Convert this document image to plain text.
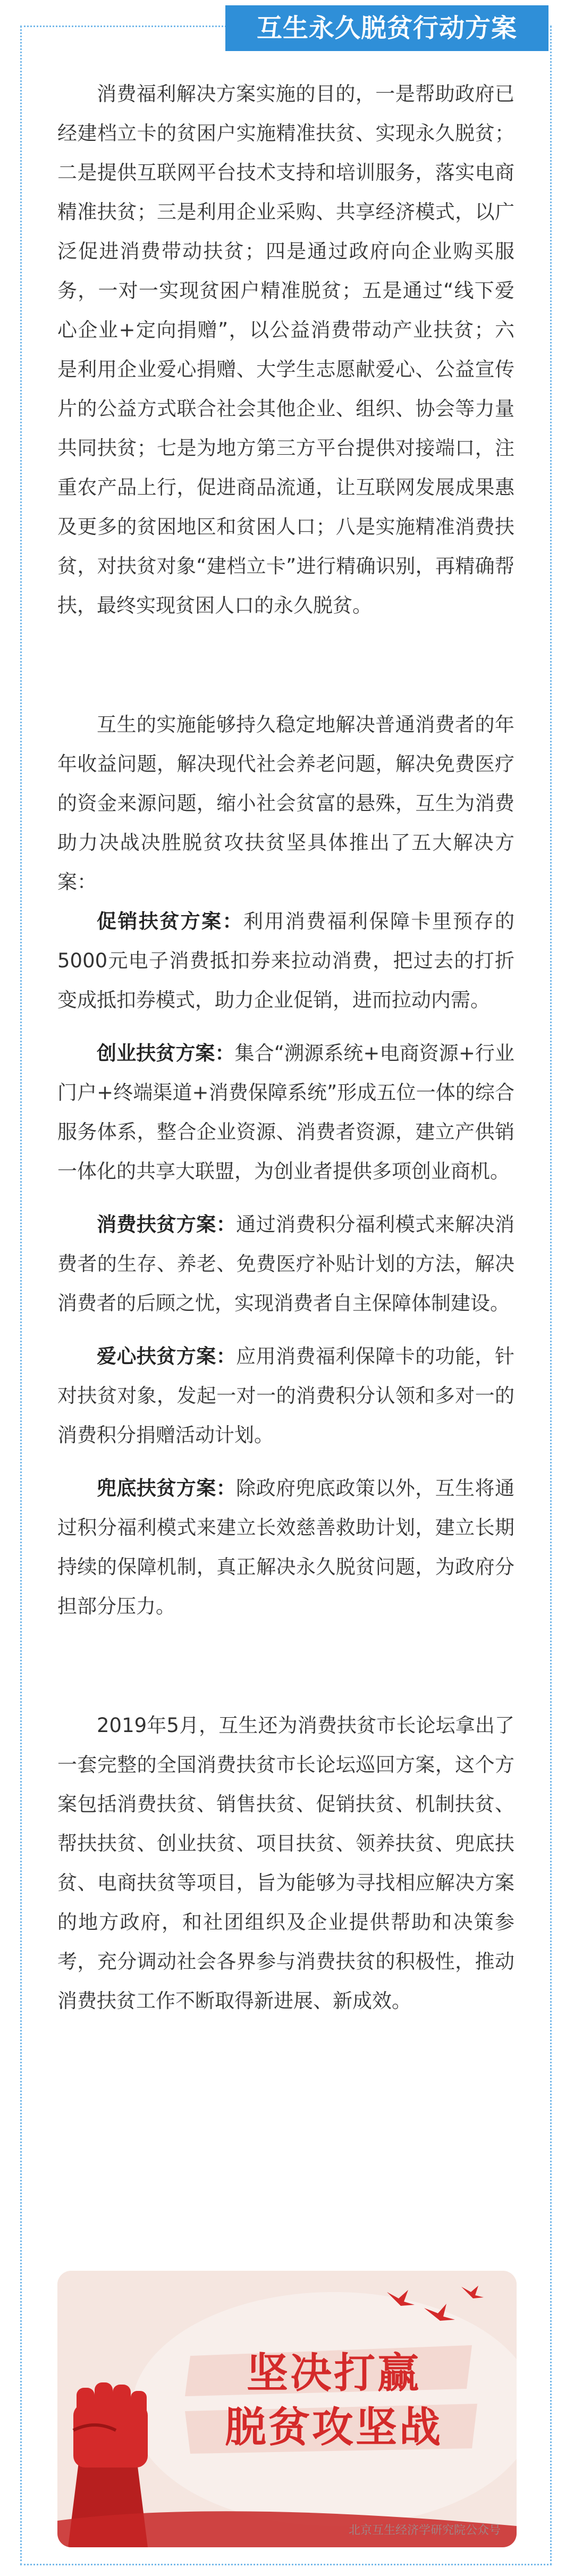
互生永久脱贫行动方案

消费福利解决方案实施的目的，一是帮助政府已经建档立卡的贫困户实施精准扶贫、实现永久脱贫；二是提供互联网平台技术支持和培训服务，落实电商精准扶贫；三是利用企业采购、共享经济模式，以广泛促进消费带动扶贫；四是通过政府向企业购买服务，一对一实现贫困户精准脱贫；五是通过“线下爱心企业+定向捐赠”，以公益消费带动产业扶贫；六是利用企业爱心捐赠、大学生志愿献爱心、公益宣传片的公益方式联合社会其他企业、组织、协会等力量共同扶贫；七是为地方第三方平台提供对接端口，注重农产品上行，促进商品流通，让互联网发展成果惠及更多的贫困地区和贫困人口；八是实施精准消费扶贫，对扶贫对象“建档立卡”进行精确识别，再精确帮扶，最终实现贫困人口的永久脱贫。

互生的实施能够持久稳定地解决普通消费者的年年收益问题，解决现代社会养老问题，解决免费医疗的资金来源问题，缩小社会贫富的悬殊，互生为消费助力决战决胜脱贫攻扶贫坚具体推出了五大解决方案：

促销扶贫方案：利用消费福利保障卡里预存的5000元电子消费抵扣券来拉动消费，把过去的打折变成抵扣券模式，助力企业促销，进而拉动内需。

创业扶贫方案：集合“溯源系统+电商资源+行业门户+终端渠道+消费保障系统”形成五位一体的综合服务体系，整合企业资源、消费者资源，建立产供销一体化的共享大联盟，为创业者提供多项创业商机。

消费扶贫方案：通过消费积分福利模式来解决消费者的生存、养老、免费医疗补贴计划的方法，解决消费者的后顾之忧，实现消费者自主保障体制建设。

爱心扶贫方案：应用消费福利保障卡的功能，针对扶贫对象，发起一对一的消费积分认领和多对一的消费积分捐赠活动计划。

兜底扶贫方案：除政府兜底政策以外，互生将通过积分福利模式来建立长效慈善救助计划，建立长期持续的保障机制，真正解决永久脱贫问题，为政府分担部分压力。

2019年5月，互生还为消费扶贫市长论坛拿出了一套完整的全国消费扶贫市长论坛巡回方案，这个方案包括消费扶贫、销售扶贫、促销扶贫、机制扶贫、帮扶扶贫、创业扶贫、项目扶贫、领养扶贫、兜底扶贫、电商扶贫等项目，旨为能够为寻找相应解决方案的地方政府，和社团组织及企业提供帮助和决策参考，充分调动社会各界参与消费扶贫的积极性，推动消费扶贫工作不断取得新进展、新成效。

坚决打赢
脱贫攻坚战
北京互生经济学研究院公众号
